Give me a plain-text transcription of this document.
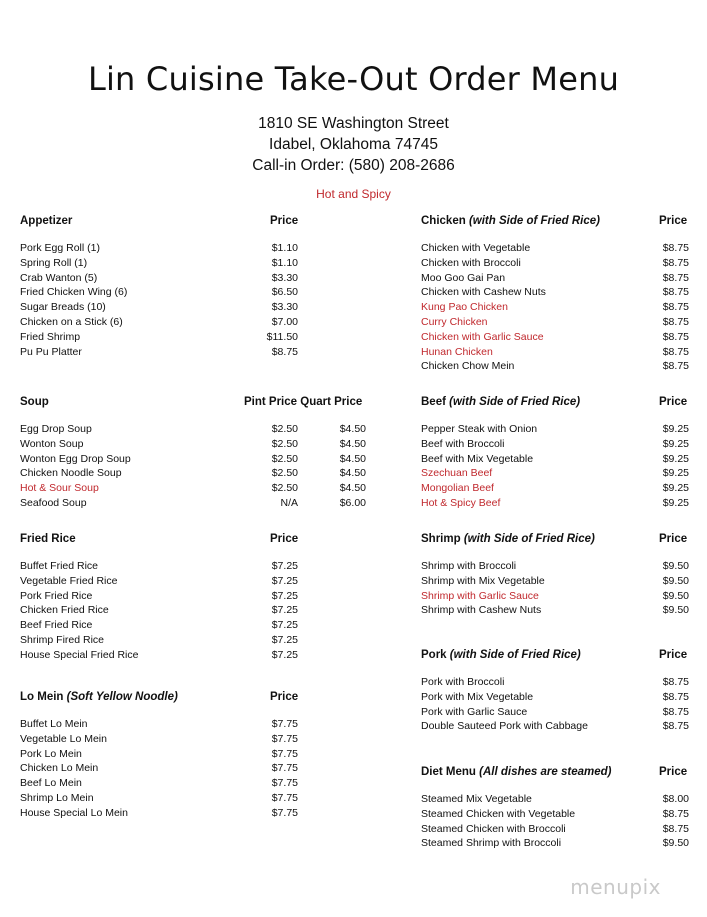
Lin Cuisine Take-Out Order Menu
1810 SE Washington Street
Idabel, Oklahoma 74745
Call-in Order: (580) 208-2686
Hot and Spicy
Appetizer	Price
Pork Egg Roll (1)	$1.10
Spring Roll (1)	$1.10
Crab Wanton (5)	$3.30
Fried Chicken Wing (6)	$6.50
Sugar Breads (10)	$3.30
Chicken on a Stick (6)	$7.00
Fried Shrimp	$11.50
Pu Pu Platter	$8.75
Soup	Pint Price Quart Price
Egg Drop Soup	$2.50	$4.50
Wonton Soup	$2.50	$4.50
Wonton Egg Drop Soup	$2.50	$4.50
Chicken Noodle Soup	$2.50	$4.50
Hot & Sour Soup	$2.50	$4.50
Seafood Soup	N/A	$6.00
Fried Rice	Price
Buffet Fried Rice	$7.25
Vegetable Fried Rice	$7.25
Pork Fried Rice	$7.25
Chicken Fried Rice	$7.25
Beef Fried Rice	$7.25
Shrimp Fired Rice	$7.25
House Special Fried Rice	$7.25
Lo Mein (Soft Yellow Noodle)	Price
Buffet Lo Mein	$7.75
Vegetable Lo Mein	$7.75
Pork Lo Mein	$7.75
Chicken Lo Mein	$7.75
Beef Lo Mein	$7.75
Shrimp Lo Mein	$7.75
House Special Lo Mein	$7.75
Chicken (with Side of Fried Rice)	Price
Chicken with Vegetable	$8.75
Chicken with Broccoli	$8.75
Moo Goo Gai Pan	$8.75
Chicken with Cashew Nuts	$8.75
Kung Pao Chicken	$8.75
Curry Chicken	$8.75
Chicken with Garlic Sauce	$8.75
Hunan Chicken	$8.75
Chicken Chow Mein	$8.75
Beef (with Side of Fried Rice)	Price
Pepper Steak with Onion	$9.25
Beef with Broccoli	$9.25
Beef with Mix Vegetable	$9.25
Szechuan Beef	$9.25
Mongolian Beef	$9.25
Hot & Spicy Beef	$9.25
Shrimp (with Side of Fried Rice)	Price
Shrimp with Broccoli	$9.50
Shrimp with Mix Vegetable	$9.50
Shrimp with Garlic Sauce	$9.50
Shrimp with Cashew Nuts	$9.50
Pork (with Side of Fried Rice)	Price
Pork with Broccoli	$8.75
Pork with Mix Vegetable	$8.75
Pork with Garlic Sauce	$8.75
Double Sauteed Pork with Cabbage	$8.75
Diet Menu (All dishes are steamed)	Price
Steamed Mix Vegetable	$8.00
Steamed Chicken with Vegetable	$8.75
Steamed Chicken with Broccoli	$8.75
Steamed Shrimp with Broccoli	$9.50
menupix
